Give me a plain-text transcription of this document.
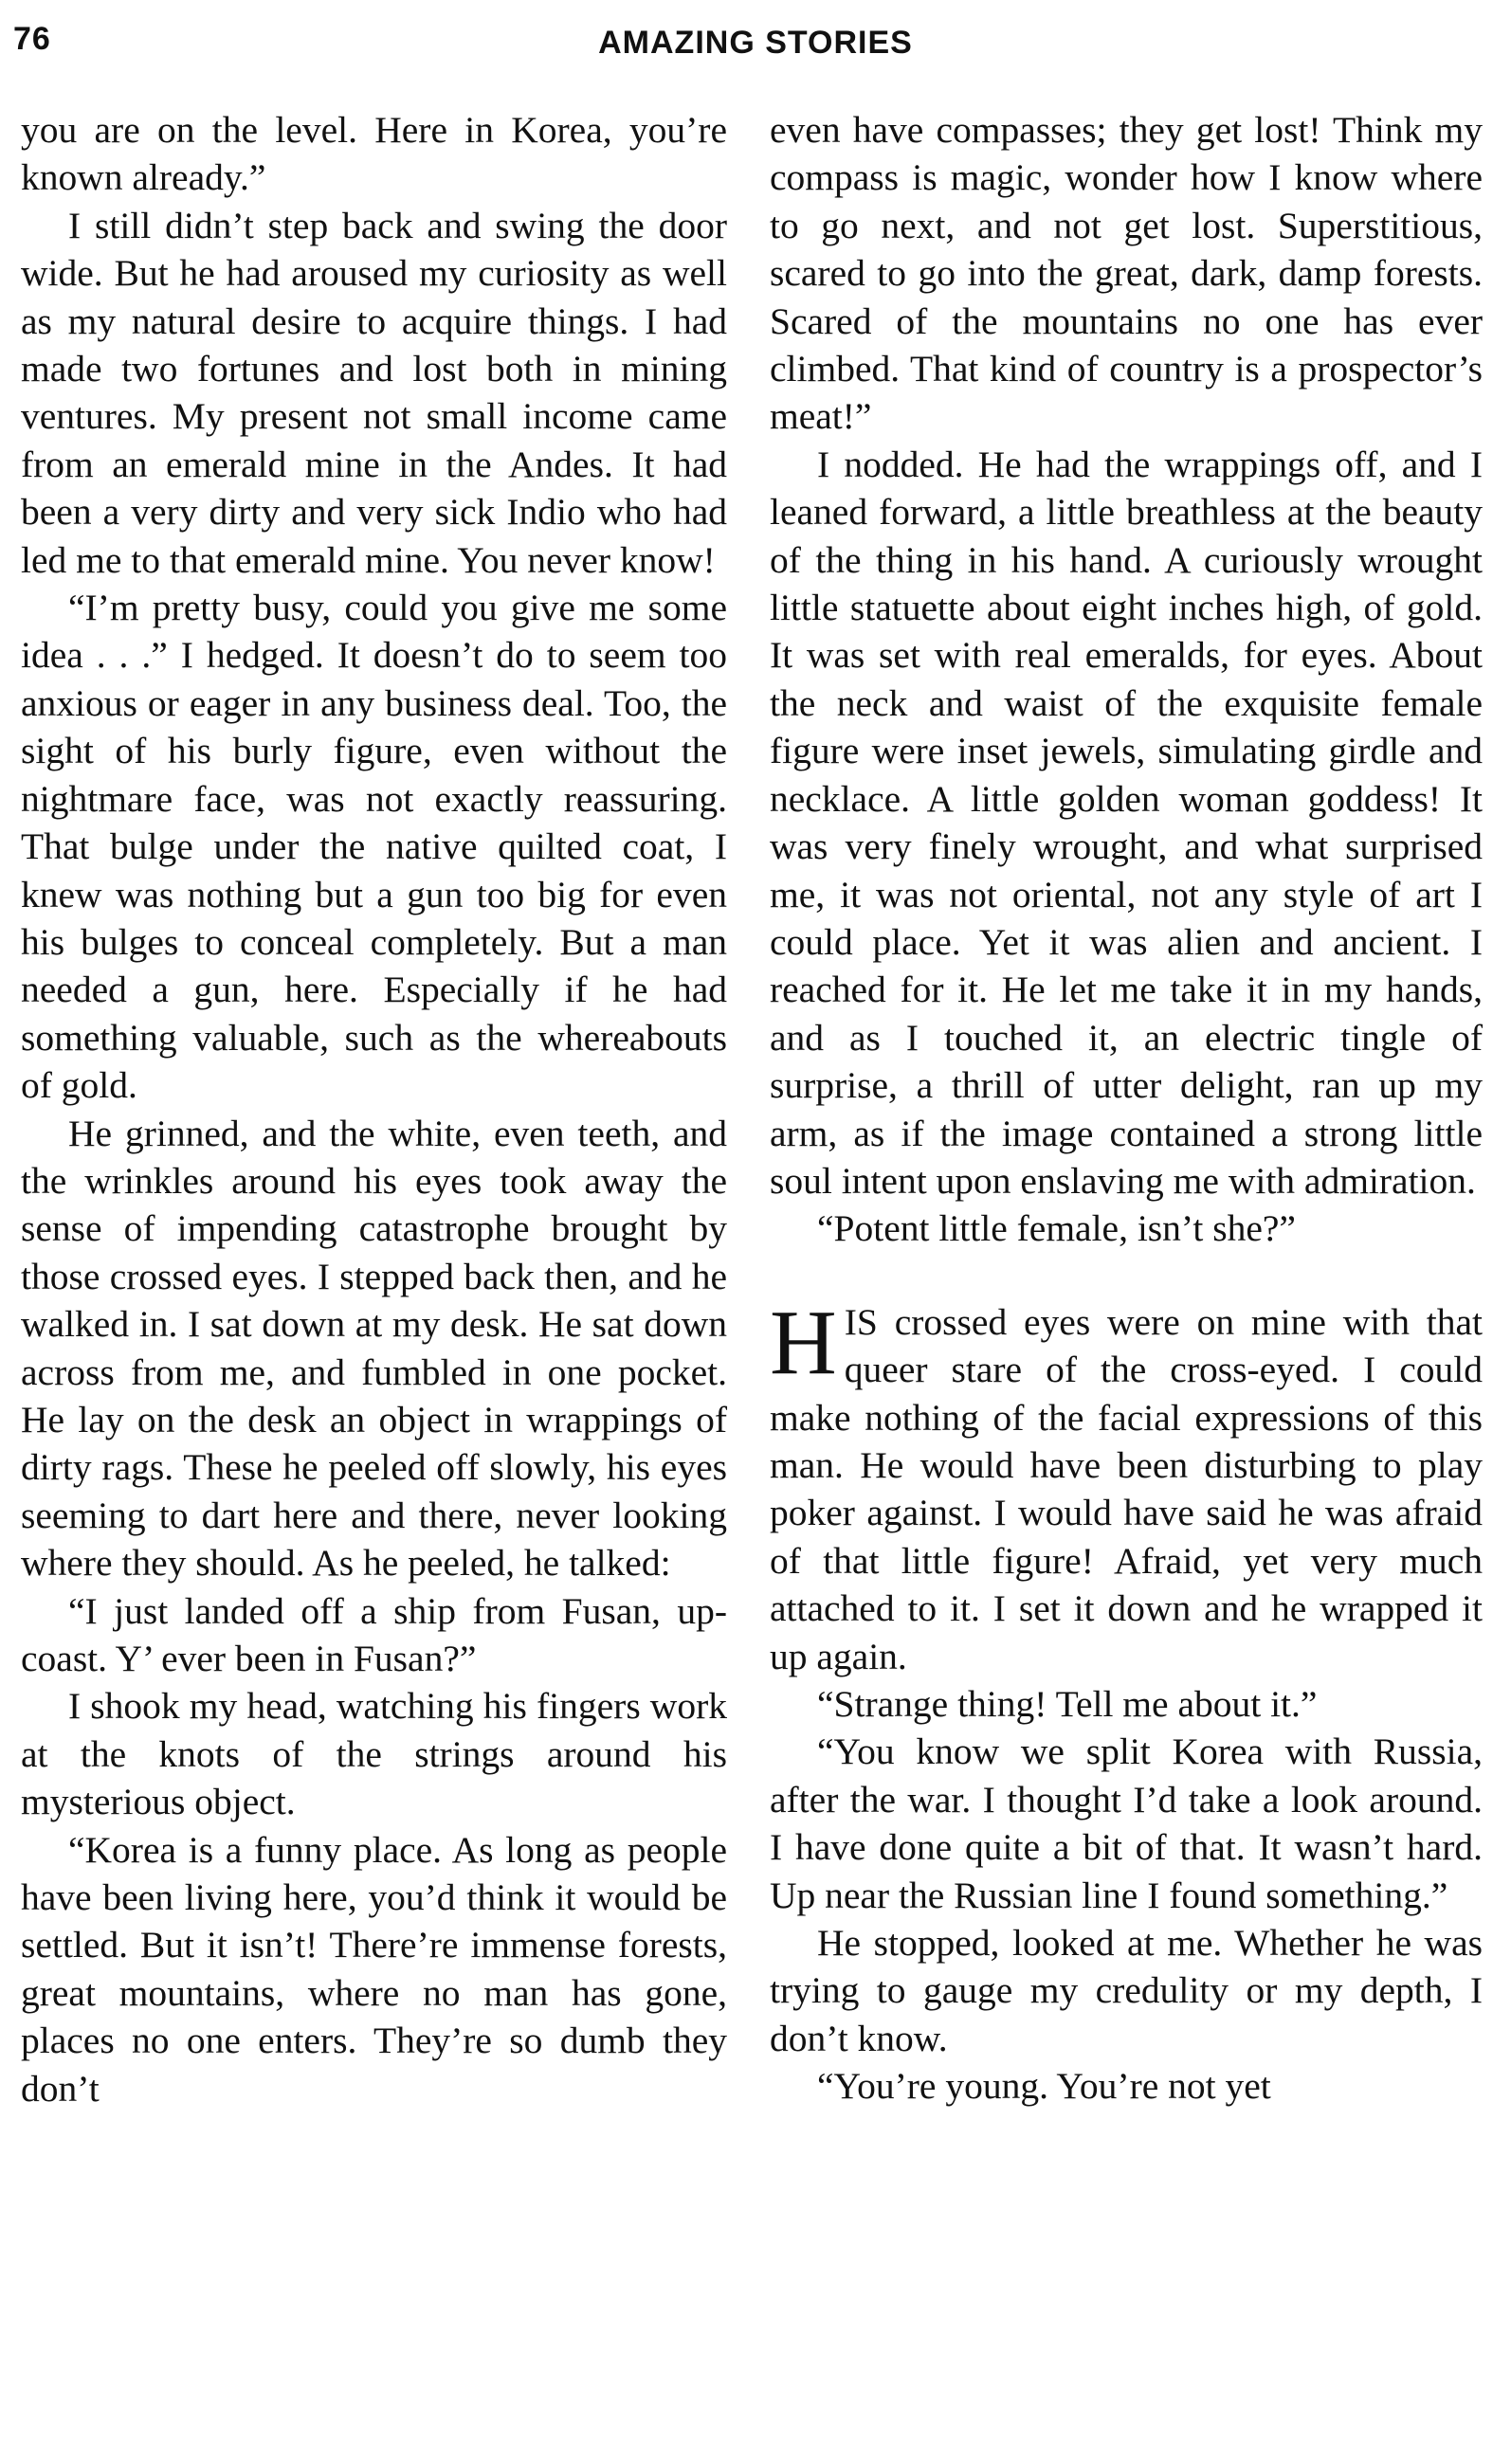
76	AMAZING STORIES

you are on the level. Here in Korea, you’re known already.”

I still didn’t step back and swing the door wide. But he had aroused my curiosity as well as my natural desire to acquire things. I had made two fortunes and lost both in mining ventures. My present not small income came from an emerald mine in the Andes. It had been a very dirty and very sick Indio who had led me to that emerald mine. You never know!

“I’m pretty busy, could you give me some idea . . .” I hedged. It doesn’t do to seem too anxious or eager in any business deal. Too, the sight of his burly figure, even without the nightmare face, was not exactly reassuring. That bulge under the native quilted coat, I knew was nothing but a gun too big for even his bulges to conceal completely. But a man needed a gun, here. Especially if he had something valuable, such as the whereabouts of gold.

He grinned, and the white, even teeth, and the wrinkles around his eyes took away the sense of impending catastrophe brought by those crossed eyes. I stepped back then, and he walked in. I sat down at my desk. He sat down across from me, and fumbled in one pocket. He lay on the desk an object in wrappings of dirty rags. These he peeled off slowly, his eyes seeming to dart here and there, never looking where they should. As he peeled, he talked:

“I just landed off a ship from Fusan, up-coast. Y’ ever been in Fusan?”

I shook my head, watching his fingers work at the knots of the strings around his mysterious object.

“Korea is a funny place. As long as people have been living here, you’d think it would be settled. But it isn’t! There’re immense forests, great mountains, where no man has gone, places no one enters. They’re so dumb they don’t

even have compasses; they get lost! Think my compass is magic, wonder how I know where to go next, and not get lost. Superstitious, scared to go into the great, dark, damp forests. Scared of the mountains no one has ever climbed. That kind of country is a prospector’s meat!”

I nodded. He had the wrappings off, and I leaned forward, a little breathless at the beauty of the thing in his hand. A curiously wrought little statuette about eight inches high, of gold. It was set with real emeralds, for eyes. About the neck and waist of the exquisite female figure were inset jewels, simulating girdle and necklace. A little golden woman goddess! It was very finely wrought, and what surprised me, it was not oriental, not any style of art I could place. Yet it was alien and ancient. I reached for it. He let me take it in my hands, and as I touched it, an electric tingle of surprise, a thrill of utter delight, ran up my arm, as if the image contained a strong little soul intent upon enslaving me with admiration.

“Potent little female, isn’t she?”

HIS crossed eyes were on mine with that queer stare of the cross-eyed. I could make nothing of the facial expressions of this man. He would have been disturbing to play poker against. I would have said he was afraid of that little figure! Afraid, yet very much attached to it. I set it down and he wrapped it up again.

“Strange thing! Tell me about it.”

“You know we split Korea with Russia, after the war. I thought I’d take a look around. I have done quite a bit of that. It wasn’t hard. Up near the Russian line I found something.”

He stopped, looked at me. Whether he was trying to gauge my credulity or my depth, I don’t know.

“You’re young. You’re not yet
